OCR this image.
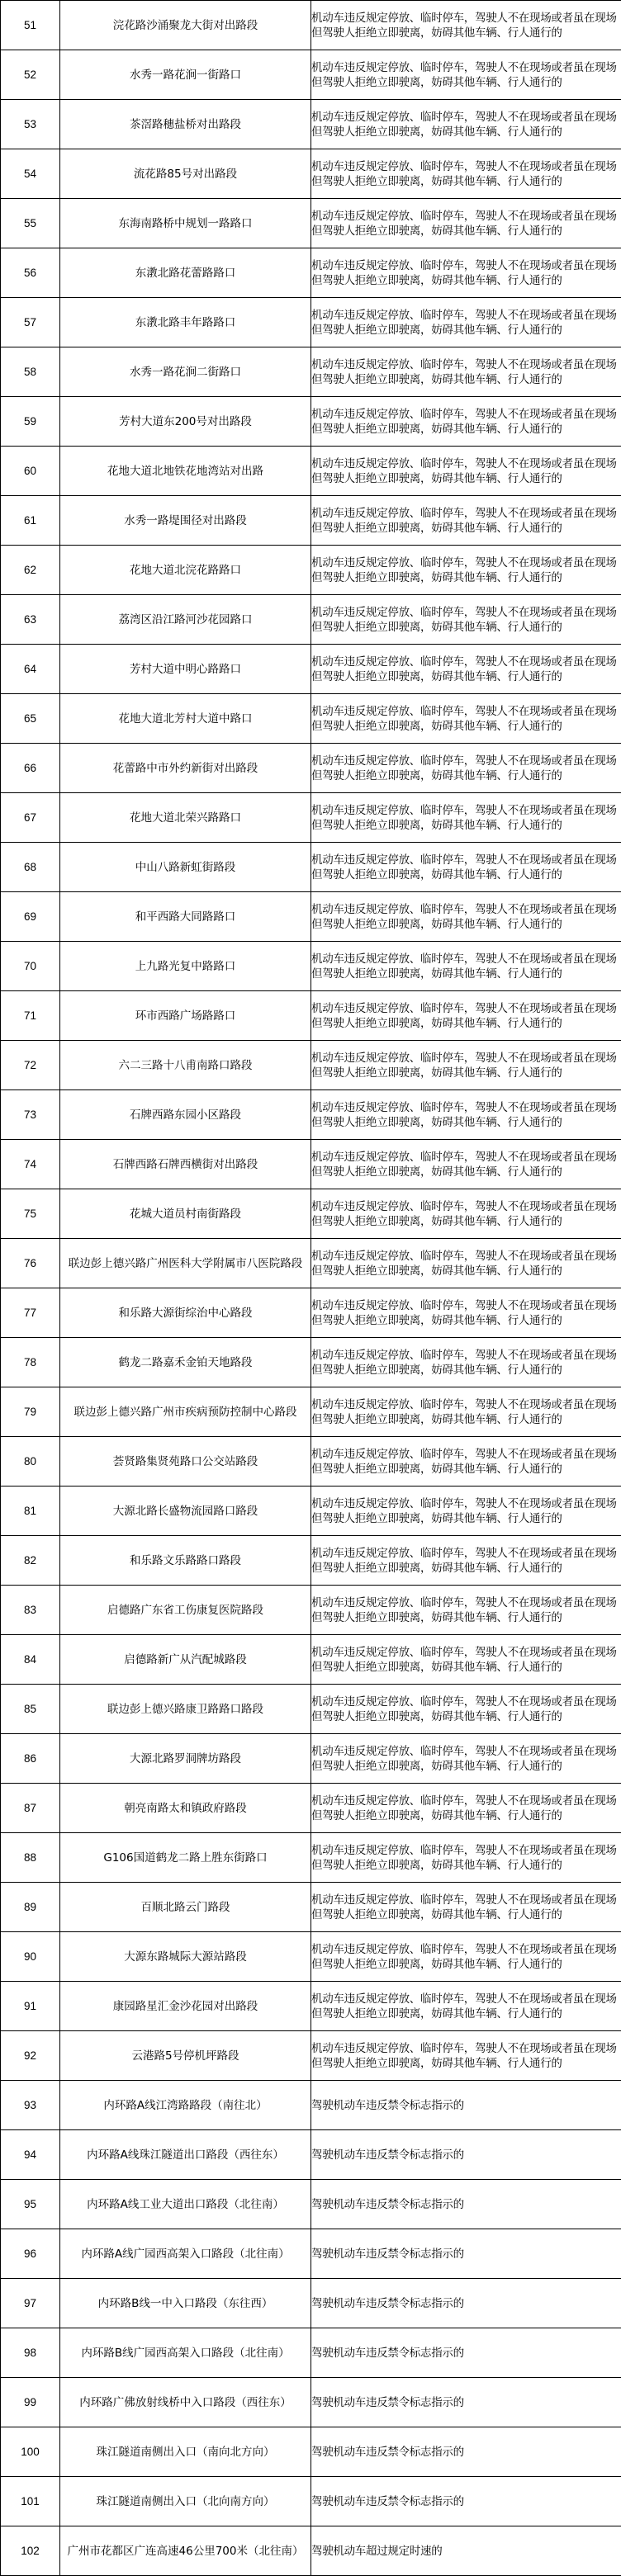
51	浣花路沙涌聚龙大街对出路段	机动车违反规定停放、临时停车，驾驶人不在现场或者虽在现场但驾驶人拒绝立即驶离，妨碍其他车辆、行人通行的
52	水秀一路花涧一街路口	机动车违反规定停放、临时停车，驾驶人不在现场或者虽在现场但驾驶人拒绝立即驶离，妨碍其他车辆、行人通行的
53	茶滘路穗盐桥对出路段	机动车违反规定停放、临时停车，驾驶人不在现场或者虽在现场但驾驶人拒绝立即驶离，妨碍其他车辆、行人通行的
54	流花路85号对出路段	机动车违反规定停放、临时停车，驾驶人不在现场或者虽在现场但驾驶人拒绝立即驶离，妨碍其他车辆、行人通行的
55	东海南路桥中规划一路路口	机动车违反规定停放、临时停车，驾驶人不在现场或者虽在现场但驾驶人拒绝立即驶离，妨碍其他车辆、行人通行的
56	东漖北路花蕾路路口	机动车违反规定停放、临时停车，驾驶人不在现场或者虽在现场但驾驶人拒绝立即驶离，妨碍其他车辆、行人通行的
57	东漖北路丰年路路口	机动车违反规定停放、临时停车，驾驶人不在现场或者虽在现场但驾驶人拒绝立即驶离，妨碍其他车辆、行人通行的
58	水秀一路花涧二街路口	机动车违反规定停放、临时停车，驾驶人不在现场或者虽在现场但驾驶人拒绝立即驶离，妨碍其他车辆、行人通行的
59	芳村大道东200号对出路段	机动车违反规定停放、临时停车，驾驶人不在现场或者虽在现场但驾驶人拒绝立即驶离，妨碍其他车辆、行人通行的
60	花地大道北地铁花地湾站对出路	机动车违反规定停放、临时停车，驾驶人不在现场或者虽在现场但驾驶人拒绝立即驶离，妨碍其他车辆、行人通行的
61	水秀一路堤围径对出路段	机动车违反规定停放、临时停车，驾驶人不在现场或者虽在现场但驾驶人拒绝立即驶离，妨碍其他车辆、行人通行的
62	花地大道北浣花路路口	机动车违反规定停放、临时停车，驾驶人不在现场或者虽在现场但驾驶人拒绝立即驶离，妨碍其他车辆、行人通行的
63	荔湾区沿江路河沙花园路口	机动车违反规定停放、临时停车，驾驶人不在现场或者虽在现场但驾驶人拒绝立即驶离，妨碍其他车辆、行人通行的
64	芳村大道中明心路路口	机动车违反规定停放、临时停车，驾驶人不在现场或者虽在现场但驾驶人拒绝立即驶离，妨碍其他车辆、行人通行的
65	花地大道北芳村大道中路口	机动车违反规定停放、临时停车，驾驶人不在现场或者虽在现场但驾驶人拒绝立即驶离，妨碍其他车辆、行人通行的
66	花蕾路中市外约新街对出路段	机动车违反规定停放、临时停车，驾驶人不在现场或者虽在现场但驾驶人拒绝立即驶离，妨碍其他车辆、行人通行的
67	花地大道北荣兴路路口	机动车违反规定停放、临时停车，驾驶人不在现场或者虽在现场但驾驶人拒绝立即驶离，妨碍其他车辆、行人通行的
68	中山八路新虹街路段	机动车违反规定停放、临时停车，驾驶人不在现场或者虽在现场但驾驶人拒绝立即驶离，妨碍其他车辆、行人通行的
69	和平西路大同路路口	机动车违反规定停放、临时停车，驾驶人不在现场或者虽在现场但驾驶人拒绝立即驶离，妨碍其他车辆、行人通行的
70	上九路光复中路路口	机动车违反规定停放、临时停车，驾驶人不在现场或者虽在现场但驾驶人拒绝立即驶离，妨碍其他车辆、行人通行的
71	环市西路广场路路口	机动车违反规定停放、临时停车，驾驶人不在现场或者虽在现场但驾驶人拒绝立即驶离，妨碍其他车辆、行人通行的
72	六二三路十八甫南路口路段	机动车违反规定停放、临时停车，驾驶人不在现场或者虽在现场但驾驶人拒绝立即驶离，妨碍其他车辆、行人通行的
73	石牌西路东园小区路段	机动车违反规定停放、临时停车，驾驶人不在现场或者虽在现场但驾驶人拒绝立即驶离，妨碍其他车辆、行人通行的
74	石牌西路石牌西横街对出路段	机动车违反规定停放、临时停车，驾驶人不在现场或者虽在现场但驾驶人拒绝立即驶离，妨碍其他车辆、行人通行的
75	花城大道员村南街路段	机动车违反规定停放、临时停车，驾驶人不在现场或者虽在现场但驾驶人拒绝立即驶离，妨碍其他车辆、行人通行的
76	联边彭上德兴路广州医科大学附属市八医院路段	机动车违反规定停放、临时停车，驾驶人不在现场或者虽在现场但驾驶人拒绝立即驶离，妨碍其他车辆、行人通行的
77	和乐路大源街综治中心路段	机动车违反规定停放、临时停车，驾驶人不在现场或者虽在现场但驾驶人拒绝立即驶离，妨碍其他车辆、行人通行的
78	鹤龙二路嘉禾金铂天地路段	机动车违反规定停放、临时停车，驾驶人不在现场或者虽在现场但驾驶人拒绝立即驶离，妨碍其他车辆、行人通行的
79	联边彭上德兴路广州市疾病预防控制中心路段	机动车违反规定停放、临时停车，驾驶人不在现场或者虽在现场但驾驶人拒绝立即驶离，妨碍其他车辆、行人通行的
80	荟贤路集贤苑路口公交站路段	机动车违反规定停放、临时停车，驾驶人不在现场或者虽在现场但驾驶人拒绝立即驶离，妨碍其他车辆、行人通行的
81	大源北路长盛物流园路口路段	机动车违反规定停放、临时停车，驾驶人不在现场或者虽在现场但驾驶人拒绝立即驶离，妨碍其他车辆、行人通行的
82	和乐路文乐路路口路段	机动车违反规定停放、临时停车，驾驶人不在现场或者虽在现场但驾驶人拒绝立即驶离，妨碍其他车辆、行人通行的
83	启德路广东省工伤康复医院路段	机动车违反规定停放、临时停车，驾驶人不在现场或者虽在现场但驾驶人拒绝立即驶离，妨碍其他车辆、行人通行的
84	启德路新广从汽配城路段	机动车违反规定停放、临时停车，驾驶人不在现场或者虽在现场但驾驶人拒绝立即驶离，妨碍其他车辆、行人通行的
85	联边彭上德兴路康卫路路口路段	机动车违反规定停放、临时停车，驾驶人不在现场或者虽在现场但驾驶人拒绝立即驶离，妨碍其他车辆、行人通行的
86	大源北路罗洞牌坊路段	机动车违反规定停放、临时停车，驾驶人不在现场或者虽在现场但驾驶人拒绝立即驶离，妨碍其他车辆、行人通行的
87	朝亮南路太和镇政府路段	机动车违反规定停放、临时停车，驾驶人不在现场或者虽在现场但驾驶人拒绝立即驶离，妨碍其他车辆、行人通行的
88	G106国道鹤龙二路上胜东街路口	机动车违反规定停放、临时停车，驾驶人不在现场或者虽在现场但驾驶人拒绝立即驶离，妨碍其他车辆、行人通行的
89	百顺北路云门路段	机动车违反规定停放、临时停车，驾驶人不在现场或者虽在现场但驾驶人拒绝立即驶离，妨碍其他车辆、行人通行的
90	大源东路城际大源站路段	机动车违反规定停放、临时停车，驾驶人不在现场或者虽在现场但驾驶人拒绝立即驶离，妨碍其他车辆、行人通行的
91	康园路星汇金沙花园对出路段	机动车违反规定停放、临时停车，驾驶人不在现场或者虽在现场但驾驶人拒绝立即驶离，妨碍其他车辆、行人通行的
92	云港路5号停机坪路段	机动车违反规定停放、临时停车，驾驶人不在现场或者虽在现场但驾驶人拒绝立即驶离，妨碍其他车辆、行人通行的
93	内环路A线江湾路路段（南往北）	驾驶机动车违反禁令标志指示的
94	内环路A线珠江隧道出口路段（西往东）	驾驶机动车违反禁令标志指示的
95	内环路A线工业大道出口路段（北往南）	驾驶机动车违反禁令标志指示的
96	内环路A线广园西高架入口路段（北往南）	驾驶机动车违反禁令标志指示的
97	内环路B线一中入口路段（东往西）	驾驶机动车违反禁令标志指示的
98	内环路B线广园西高架入口路段（北往南）	驾驶机动车违反禁令标志指示的
99	内环路广佛放射线桥中入口路段（西往东）	驾驶机动车违反禁令标志指示的
100	珠江隧道南侧出入口（南向北方向）	驾驶机动车违反禁令标志指示的
101	珠江隧道南侧出入口（北向南方向）	驾驶机动车违反禁令标志指示的
102	广州市花都区广连高速46公里700米（北往南）	驾驶机动车超过规定时速的
